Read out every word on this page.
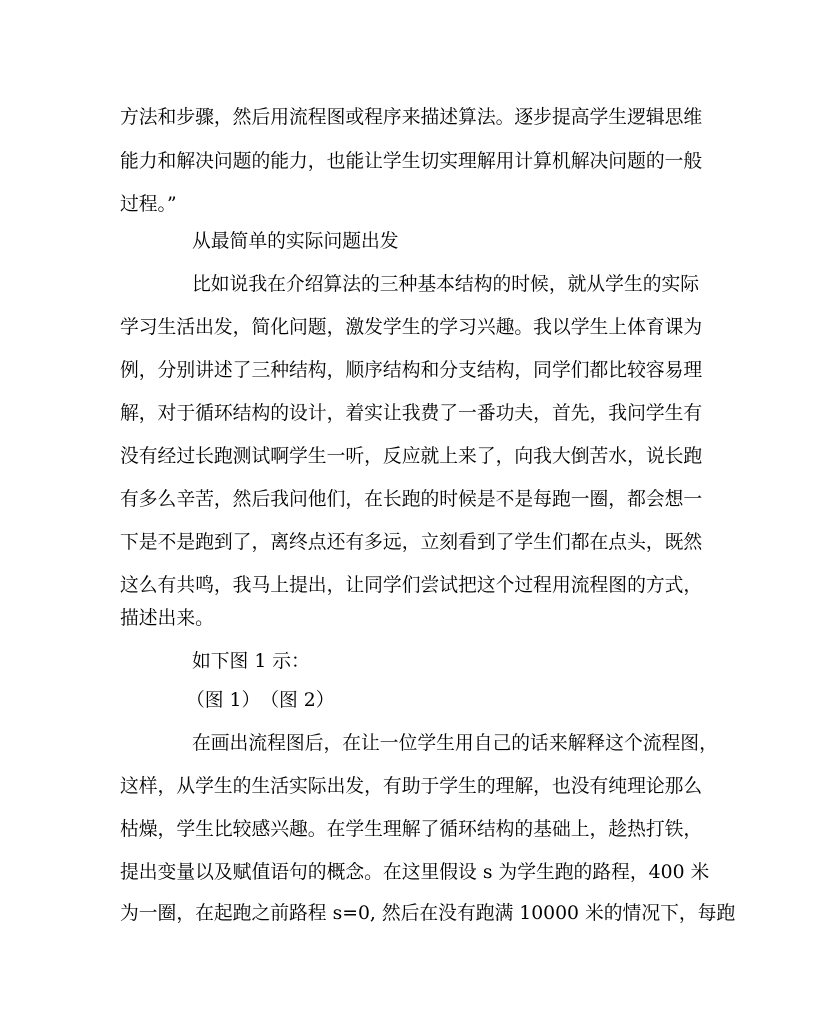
方法和步骤，然后用流程图或程序来描述算法。逐步提高学生逻辑思维
能力和解决问题的能力，也能让学生切实理解用计算机解决问题的一般
过程。”
从最简单的实际问题出发
比如说我在介绍算法的三种基本结构的时候，就从学生的实际
学习生活出发，简化问题，激发学生的学习兴趣。我以学生上体育课为
例，分别讲述了三种结构，顺序结构和分支结构，同学们都比较容易理
解，对于循环结构的设计，着实让我费了一番功夫，首先，我问学生有
没有经过长跑测试啊学生一听，反应就上来了，向我大倒苦水，说长跑
有多么辛苦，然后我问他们，在长跑的时候是不是每跑一圈，都会想一
下是不是跑到了，离终点还有多远，立刻看到了学生们都在点头，既然
这么有共鸣，我马上提出，让同学们尝试把这个过程用流程图的方式，
描述出来。
如下图 1 示：
（图 1）　（图 2）
在画出流程图后，在让一位学生用自己的话来解释这个流程图，
这样，从学生的生活实际出发，有助于学生的理解，也没有纯理论那么
枯燥，学生比较感兴趣。在学生理解了循环结构的基础上，趁热打铁，
提出变量以及赋值语句的概念。在这里假设 s 为学生跑的路程，400 米
为一圈，在起跑之前路程 s=0, 然后在没有跑满 10000 米的情况下，每跑
